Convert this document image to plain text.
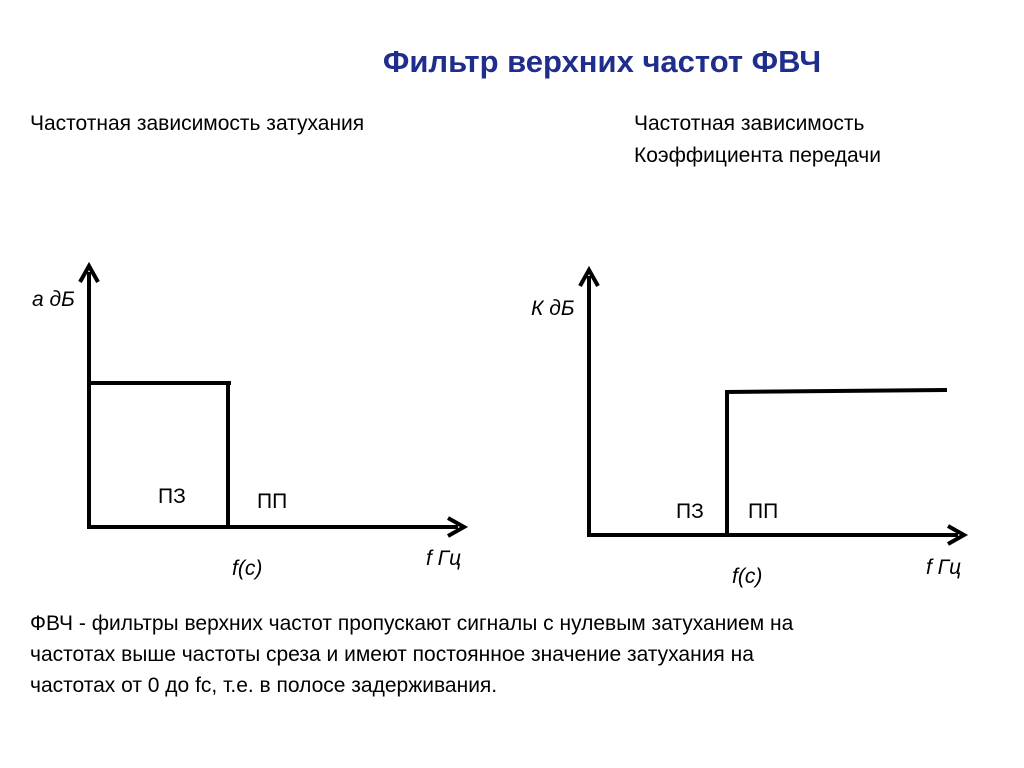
Фильтр верхних частот ФВЧ

Частотная зависимость затухания	Частотная зависимость
Коэффициента передачи

а дБ
ПЗ	ПП
f(c)	f Гц
К дБ
ПЗ ПП
f(c)	f Гц

ФВЧ - фильтры верхних частот пропускают сигналы с нулевым затуханием на
частотах выше частоты среза и имеют постоянное значение затухания на
частотах от 0 до fc, т.е. в полосе задерживания.
